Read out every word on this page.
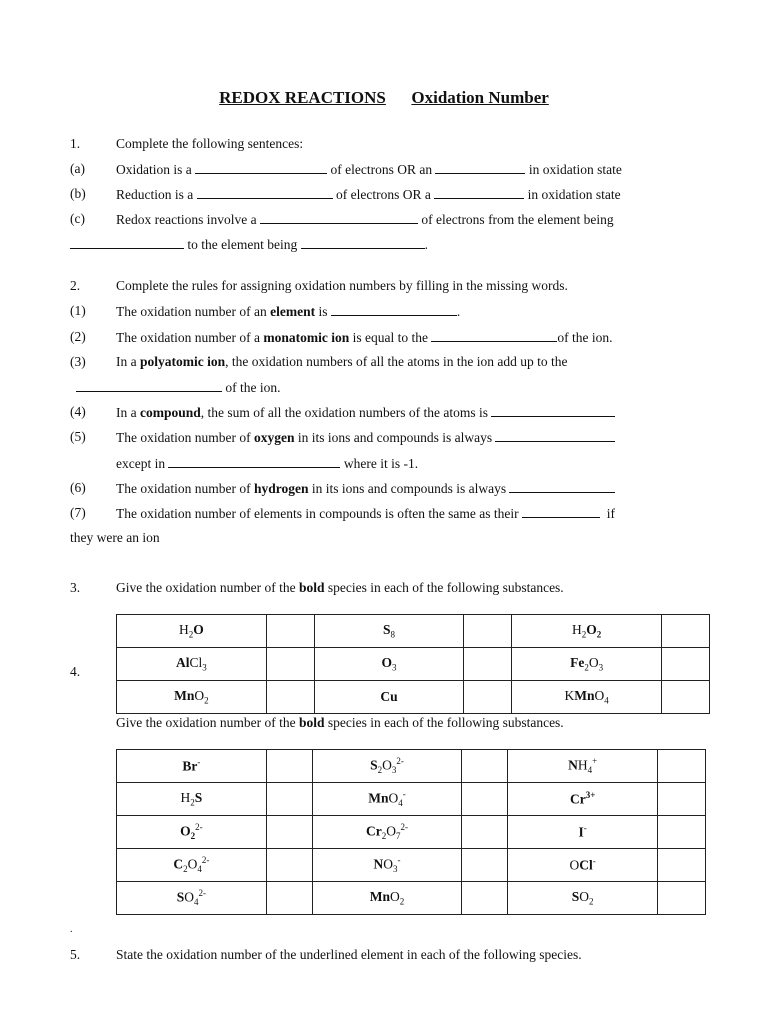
REDOX REACTIONS Oxidation Number
1.	Complete the following sentences:
(a) Oxidation is a	of electrons OR an	in oxidation state
(b) Reduction is a	of electrons OR a	in oxidation state
(c) Redox reactions involve a	of electrons from the element being
to the element being	.
2.	Complete the rules for assigning oxidation numbers by filling in the missing words.
(1) The oxidation number of an element is	.
(2) The oxidation number of a monatomic ion is equal to the	of the ion.
(3) In a polyatomic ion, the oxidation numbers of all the atoms in the ion add up to the
of the ion.
(4) In a compound, the sum of all the oxidation numbers of the atoms is
(5) The oxidation number of oxygen in its ions and compounds is always
except in	where it is -1.
(6) The oxidation number of hydrogen in its ions and compounds is always
(7) The oxidation number of elements in compounds is often the same as their	if
they were an ion
3.	Give the oxidation number of the bold species in each of the following substances.
$H_2O$		$S_8$		$H_2O_2$	
AlCl$_3$		$O_3$		$Fe_2O_3$	
MnO$_2$		Cu		KMnO$_4$	
4.
Give the oxidation number of the bold species in each of the following substances.
Br-		$S_2O_3^{2-}$		$NH_4^+$	
$H_2S$		MnO$_4$-		$Cr^{3+}$	
$O_2^{2-}$		$Cr_2O_7^{2-}$		I-	
$C_2O_4^{2-}$		$NO_3^-$		OCl-	
$SO_4^{2-}$		MnO$_2$		$SO_2$	
.
5.	State the oxidation number of the underlined element in each of the following species.
